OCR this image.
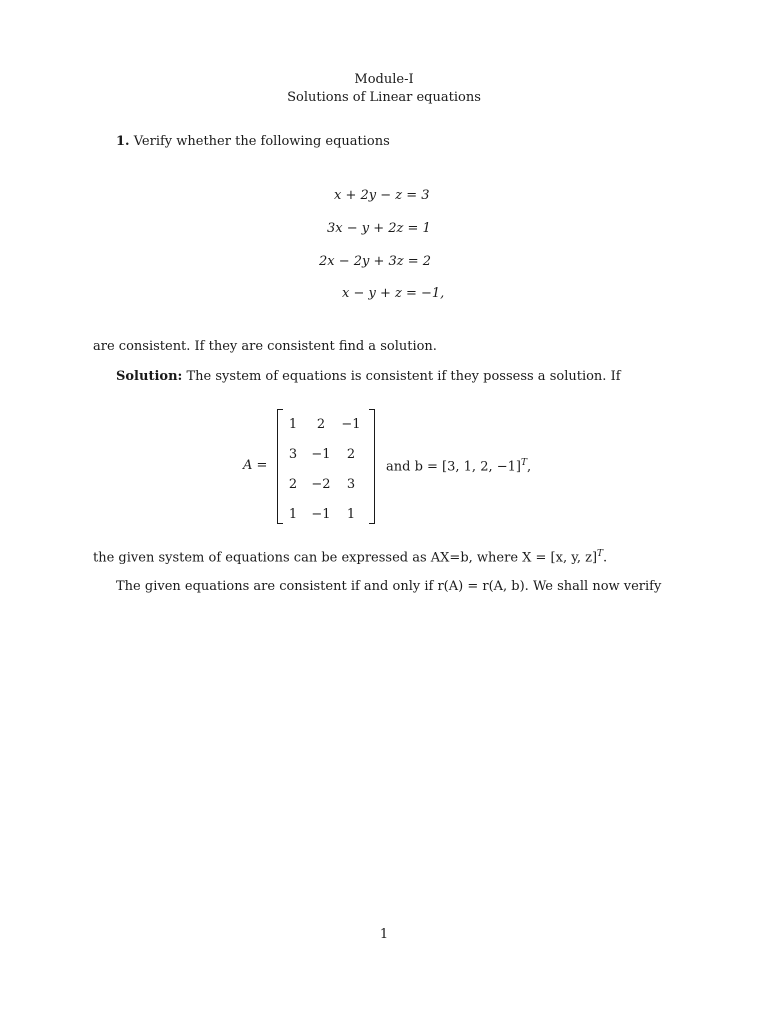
Module-I
Solutions of Linear equations
1. Verify whether the following equations
x + 2y − z = 3
3x − y + 2z = 1
2x − 2y + 3z = 2
x − y + z = −1,
are consistent. If they are consistent find a solution.
Solution: The system of equations is consistent if they possess a solution. If
A =
1	2	−1
3	−1	2
2	−2	3
1	−1	1
and b = [3, 1, 2, −1]$^T$,
the given system of equations can be expressed as AX=b, where X = [x, y, z]$^T$.
The given equations are consistent if and only if r(A) = r(A, b). We shall now verify
1
